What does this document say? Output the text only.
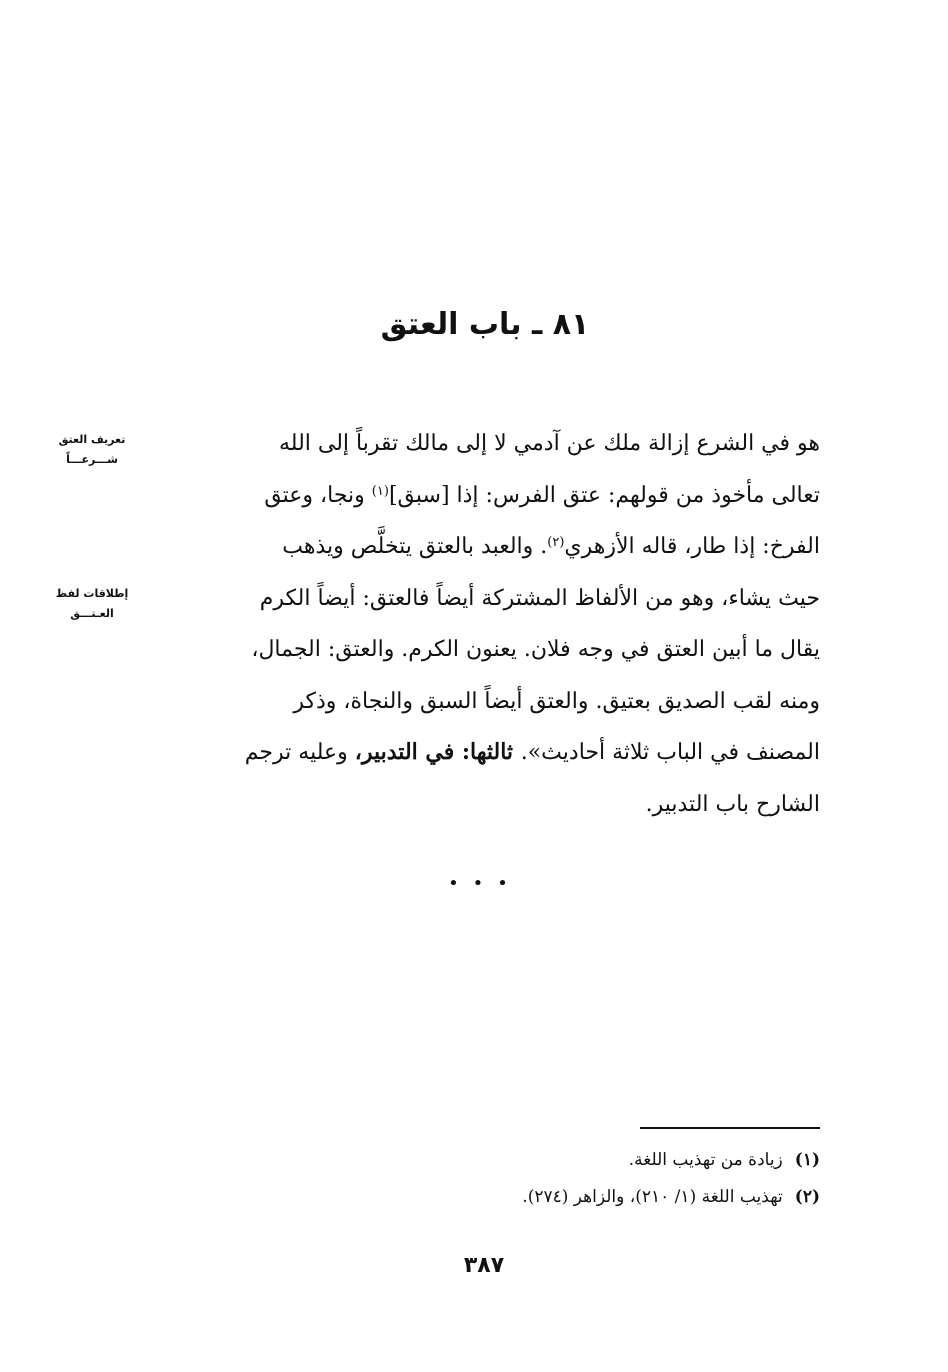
٨١ ـ باب العتق
تعريف العتق
شـــرعـــاً
إطلاقات لفظ
العـتـــق
هو في الشرع إزالة ملك عن آدمي لا إلى مالك تقرباً إلى الله
تعالى مأخوذ من قولهم: عتق الفرس: إذا [سبق]$^{(١)}$ ونجا، وعتق
الفرخ: إذا طار، قاله الأزهري$^{(٢)}$. والعبد بالعتق يتخلَّص ويذهب
حيث يشاء، وهو من الألفاظ المشتركة أيضاً فالعتق: أيضاً الكرم
يقال ما أبين العتق في وجه فلان. يعنون الكرم. والعتق: الجمال،
ومنه لقب الصديق بعتيق. والعتق أيضاً السبق والنجاة، وذكر
المصنف في الباب ثلاثة أحاديث». ثالثها: في التدبير، وعليه ترجم
الشارح باب التدبير.
•••
(١)زيادة من تهذيب اللغة.
(٢)تهذيب اللغة (١/ ٢١٠)، والزاهر (٢٧٤).
٣٨٧
